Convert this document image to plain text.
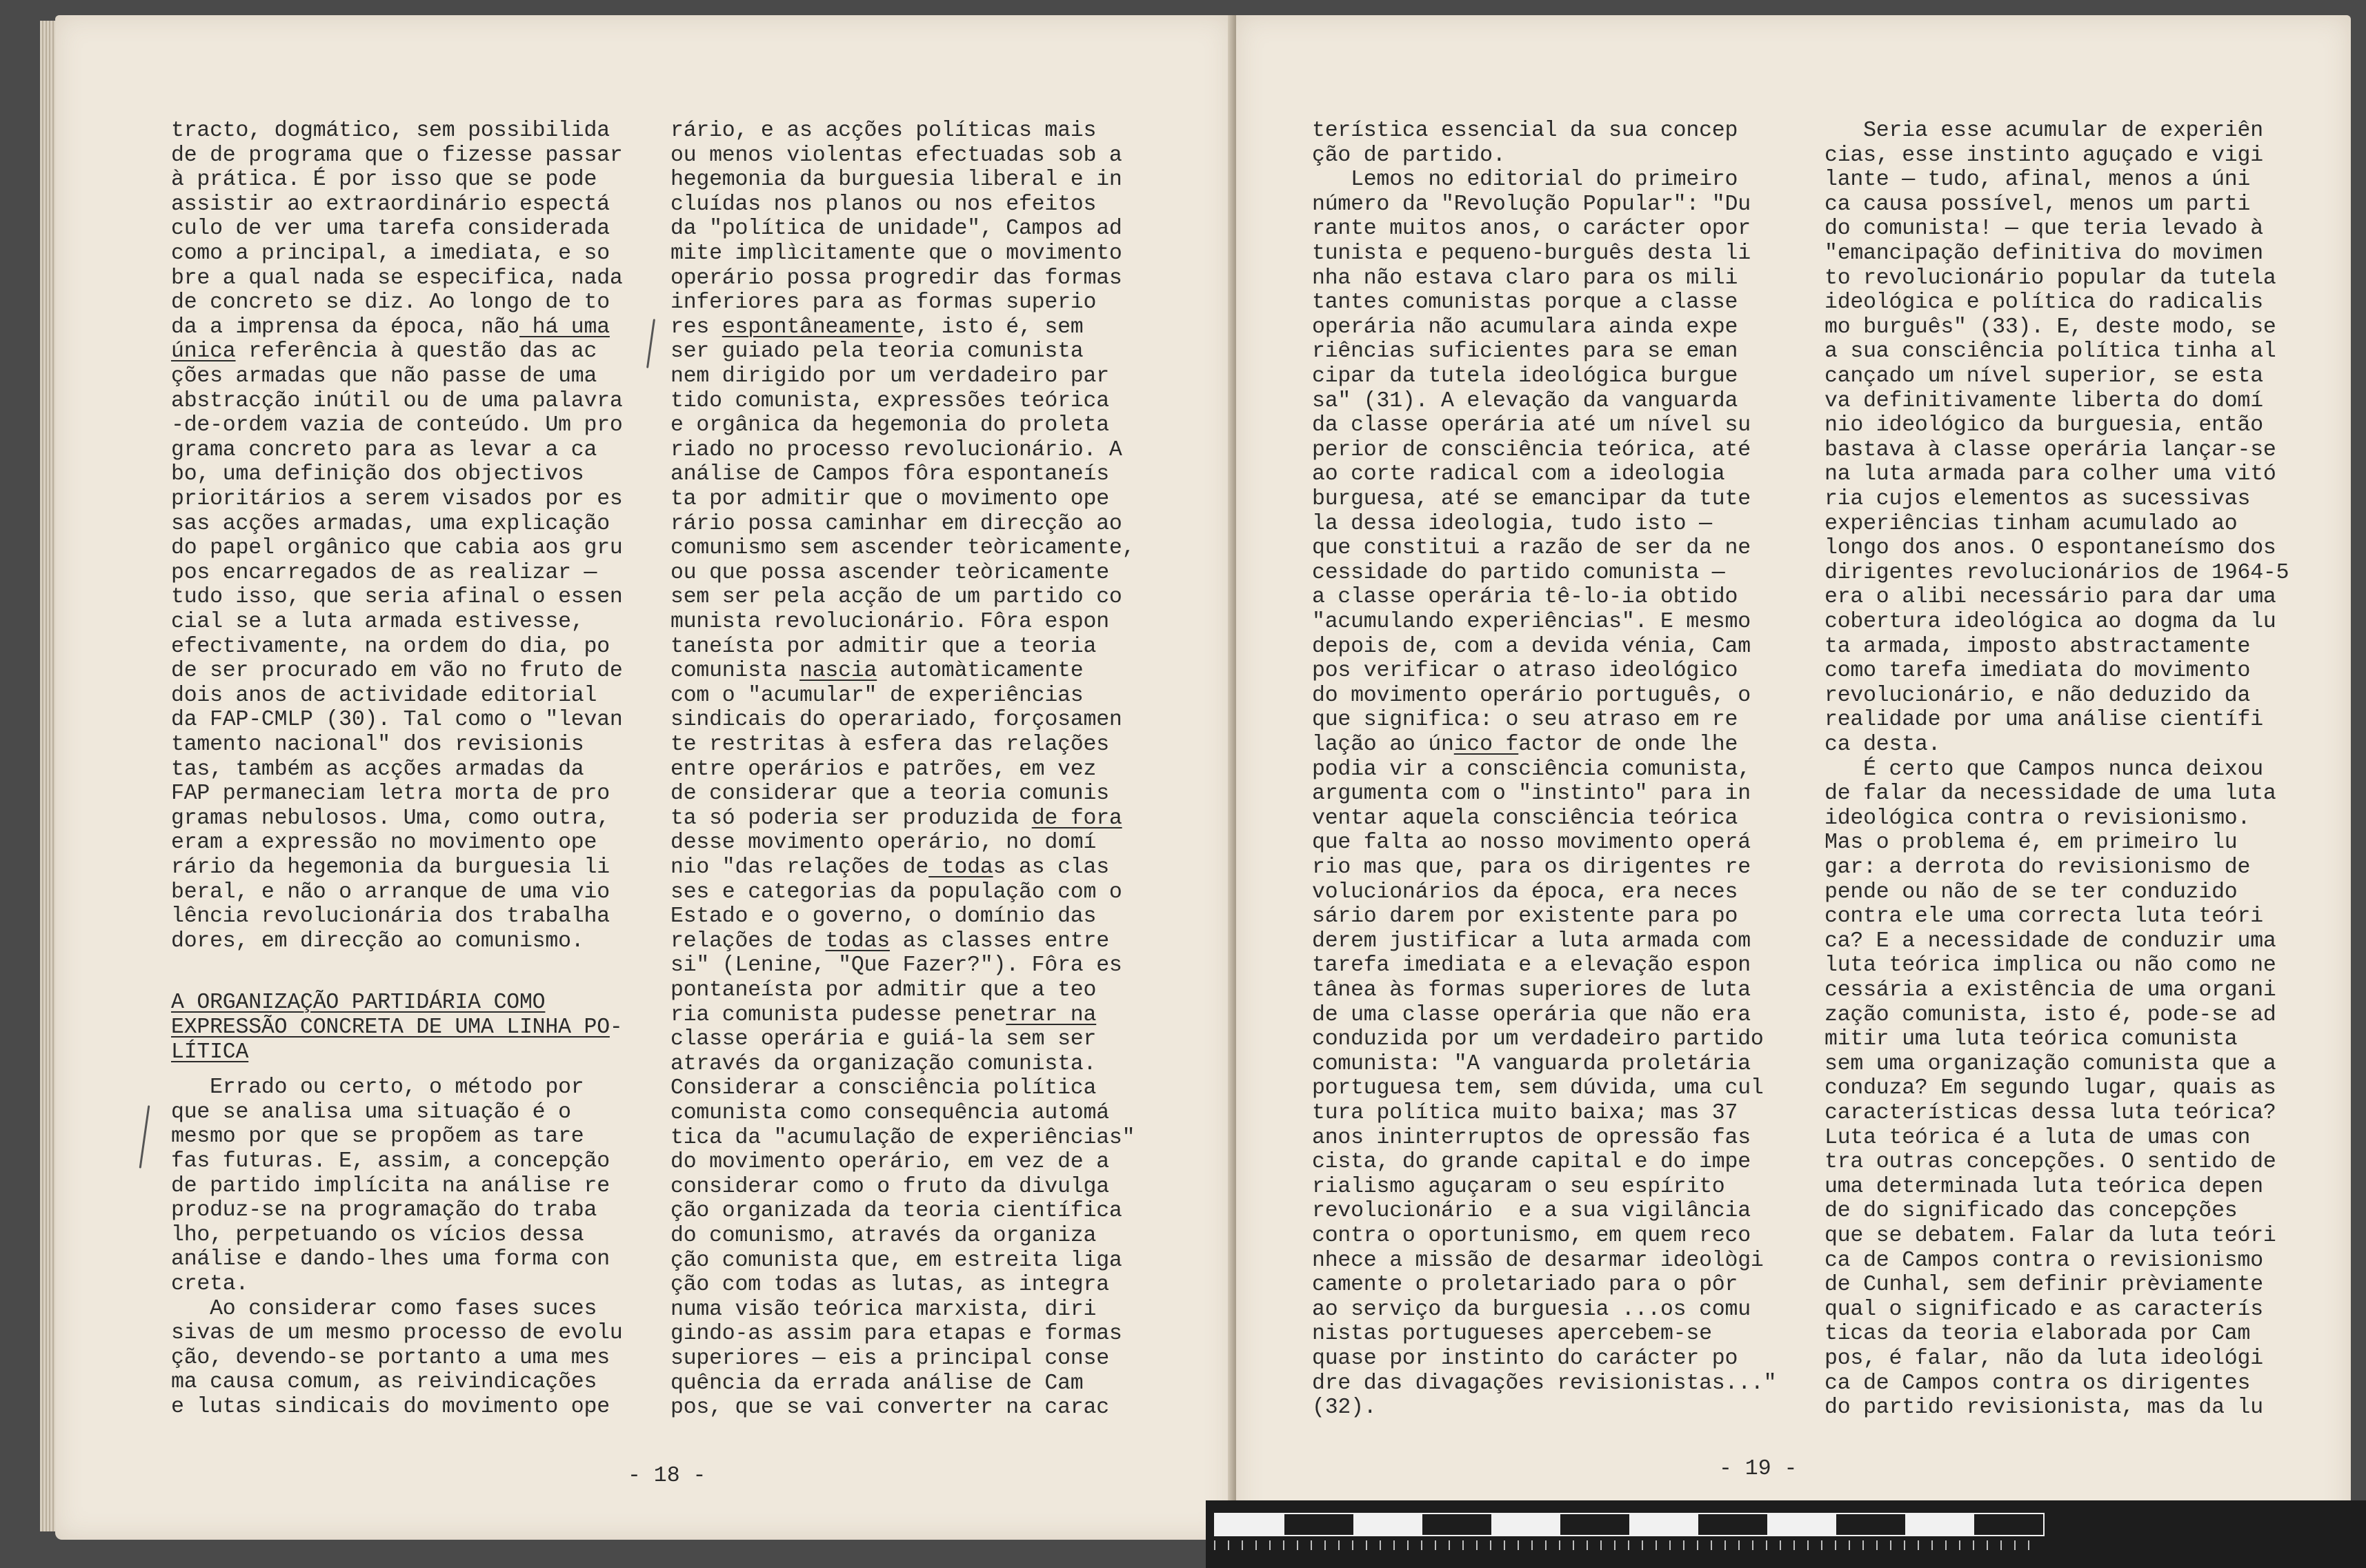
tracto, dogmático, sem possibilida
de de programa que o fizesse passar
à prática. É por isso que se pode
assistir ao extraordinário espectá
culo de ver uma tarefa considerada
como a principal, a imediata, e so
bre a qual nada se especifica, nada
de concreto se diz. Ao longo de to
da a imprensa da época, não há uma
única referência à questão das ac
ções armadas que não passe de uma
abstracção inútil ou de uma palavra
-de-ordem vazia de conteúdo. Um pro
grama concreto para as levar a ca
bo, uma definição dos objectivos
prioritários a serem visados por es
sas acções armadas, uma explicação
do papel orgânico que cabia aos gru
pos encarregados de as realizar —
tudo isso, que seria afinal o essen
cial se a luta armada estivesse,
efectivamente, na ordem do dia, po
de ser procurado em vão no fruto de
dois anos de actividade editorial
da FAP-CMLP (30). Tal como o "levan
tamento nacional" dos revisionis
tas, também as acções armadas da
FAP permaneciam letra morta de pro
gramas nebulosos. Uma, como outra,
eram a expressão no movimento ope
rário da hegemonia da burguesia li
beral, e não o arranque de uma vio
lência revolucionária dos trabalha
dores, em direcção ao comunismo.
A ORGANIZAÇÃO PARTIDÁRIA COMO
EXPRESSÃO CONCRETA DE UMA LINHA PO-
LÍTICA
Errado ou certo, o método por
que se analisa uma situação é o
mesmo por que se propõem as tare
fas futuras. E, assim, a concepção
de partido implícita na análise re
produz-se na programação do traba
lho, perpetuando os vícios dessa
análise e dando-lhes uma forma con
creta.
Ao considerar como fases suces
sivas de um mesmo processo de evolu
ção, devendo-se portanto a uma mes
ma causa comum, as reivindicações
e lutas sindicais do movimento ope
rário, e as acções políticas mais
ou menos violentas efectuadas sob a
hegemonia da burguesia liberal e in
cluídas nos planos ou nos efeitos
da "política de unidade", Campos ad
mite implìcitamente que o movimento
operário possa progredir das formas
inferiores para as formas superio
res espontâneamente, isto é, sem
ser guiado pela teoria comunista
nem dirigido por um verdadeiro par
tido comunista, expressões teórica
e orgânica da hegemonia do proleta
riado no processo revolucionário. A
análise de Campos fôra espontaneís
ta por admitir que o movimento ope
rário possa caminhar em direcção ao
comunismo sem ascender teòricamente,
ou que possa ascender teòricamente
sem ser pela acção de um partido co
munista revolucionário. Fôra espon
taneísta por admitir que a teoria
comunista nascia automàticamente
com o "acumular" de experiências
sindicais do operariado, forçosamen
te restritas à esfera das relações
entre operários e patrões, em vez
de considerar que a teoria comunis
ta só poderia ser produzida de fora
desse movimento operário, no domí
nio "das relações de todas as clas
ses e categorias da população com o
Estado e o governo, o domínio das
relações de todas as classes entre
si" (Lenine, "Que Fazer?"). Fôra es
pontaneísta por admitir que a teo
ria comunista pudesse penetrar na
classe operária e guiá-la sem ser
através da organização comunista.
Considerar a consciência política
comunista como consequência automá
tica da "acumulação de experiências"
do movimento operário, em vez de a
considerar como o fruto da divulga
ção organizada da teoria científica
do comunismo, através da organiza
ção comunista que, em estreita liga
ção com todas as lutas, as integra
numa visão teórica marxista, diri
gindo-as assim para etapas e formas
superiores — eis a principal conse
quência da errada análise de Cam
pos, que se vai converter na carac
- 18 -
terística essencial da sua concep
ção de partido.
Lemos no editorial do primeiro
número da "Revolução Popular": "Du
rante muitos anos, o carácter opor
tunista e pequeno-burguês desta li
nha não estava claro para os mili
tantes comunistas porque a classe
operária não acumulara ainda expe
riências suficientes para se eman
cipar da tutela ideológica burgue
sa" (31). A elevação da vanguarda
da classe operária até um nível su
perior de consciência teórica, até
ao corte radical com a ideologia
burguesa, até se emancipar da tute
la dessa ideologia, tudo isto —
que constitui a razão de ser da ne
cessidade do partido comunista —
a classe operária tê-lo-ia obtido
"acumulando experiências". E mesmo
depois de, com a devida vénia, Cam
pos verificar o atraso ideológico
do movimento operário português, o
que significa: o seu atraso em re
lação ao único factor de onde lhe
podia vir a consciência comunista,
argumenta com o "instinto" para in
ventar aquela consciência teórica
que falta ao nosso movimento operá
rio mas que, para os dirigentes re
volucionários da época, era neces
sário darem por existente para po
derem justificar a luta armada com
tarefa imediata e a elevação espon
tânea às formas superiores de luta
de uma classe operária que não era
conduzida por um verdadeiro partido
comunista: "A vanguarda proletária
portuguesa tem, sem dúvida, uma cul
tura política muito baixa; mas 37
anos ininterruptos de opressão fas
cista, do grande capital e do impe
rialismo aguçaram o seu espírito
revolucionário  e a sua vigilância
contra o oportunismo, em quem reco
nhece a missão de desarmar ideològi
camente o proletariado para o pôr
ao serviço da burguesia ...os comu
nistas portugueses apercebem-se
quase por instinto do carácter po
dre das divagações revisionistas..."
(32).
Seria esse acumular de experiên
cias, esse instinto aguçado e vigi
lante — tudo, afinal, menos a úni
ca causa possível, menos um parti
do comunista! — que teria levado à
"emancipação definitiva do movimen
to revolucionário popular da tutela
ideológica e política do radicalis
mo burguês" (33). E, deste modo, se
a sua consciência política tinha al
cançado um nível superior, se esta
va definitivamente liberta do domí
nio ideológico da burguesia, então
bastava à classe operária lançar-se
na luta armada para colher uma vitó
ria cujos elementos as sucessivas
experiências tinham acumulado ao
longo dos anos. O espontaneísmo dos
dirigentes revolucionários de 1964-5
era o alibi necessário para dar uma
cobertura ideológica ao dogma da lu
ta armada, imposto abstractamente
como tarefa imediata do movimento
revolucionário, e não deduzido da
realidade por uma análise científi
ca desta.
É certo que Campos nunca deixou
de falar da necessidade de uma luta
ideológica contra o revisionismo.
Mas o problema é, em primeiro lu
gar: a derrota do revisionismo de
pende ou não de se ter conduzido
contra ele uma correcta luta teóri
ca? E a necessidade de conduzir uma
luta teórica implica ou não como ne
cessária a existência de uma organi
zação comunista, isto é, pode-se ad
mitir uma luta teórica comunista
sem uma organização comunista que a
conduza? Em segundo lugar, quais as
características dessa luta teórica?
Luta teórica é a luta de umas con
tra outras concepções. O sentido de
uma determinada luta teórica depen
de do significado das concepções
que se debatem. Falar da luta teóri
ca de Campos contra o revisionismo
de Cunhal, sem definir prèviamente
qual o significado e as caracterís
ticas da teoria elaborada por Cam
pos, é falar, não da luta ideológi
ca de Campos contra os dirigentes
do partido revisionista, mas da lu
- 19 -
